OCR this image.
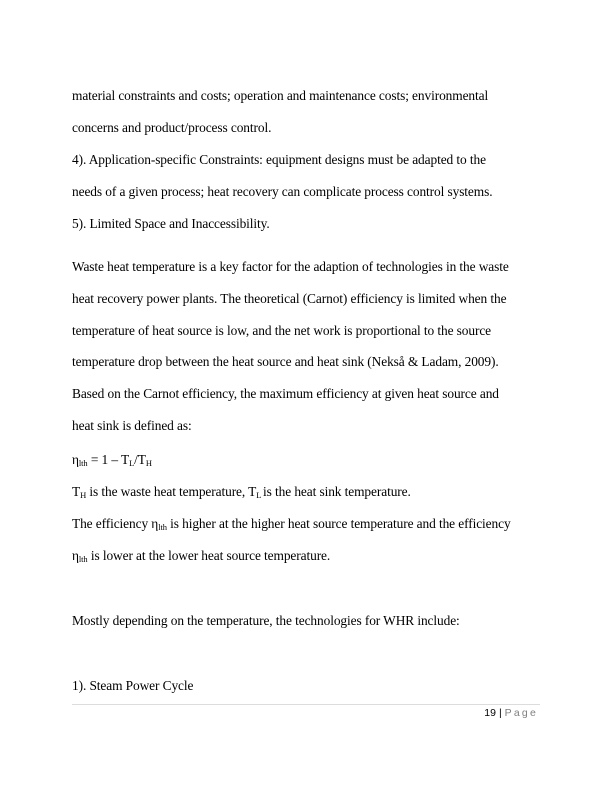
material constraints and costs; operation and maintenance costs; environmental
concerns and product/process control.
4). Application-specific Constraints: equipment designs must be adapted to the
needs of a given process; heat recovery can complicate process control systems.
5). Limited Space and Inaccessibility.
Waste heat temperature is a key factor for the adaption of technologies in the waste
heat recovery power plants. The theoretical (Carnot) efficiency is limited when the
temperature of heat source is low, and the net work is proportional to the source
temperature drop between the heat source and heat sink (Nekså & Ladam, 2009).
Based on the Carnot efficiency, the maximum efficiency at given heat source and
heat sink is defined as:
$\eta_{lth} = 1 - T_L/T_H$
$T_H$ is the waste heat temperature, $T_L$ is the heat sink temperature.
The efficiency $\eta_{lth}$ is higher at the higher heat source temperature and the efficiency
$\eta_{lth}$ is lower at the lower heat source temperature.
Mostly depending on the temperature, the technologies for WHR include:
1). Steam Power Cycle
19 | Page
